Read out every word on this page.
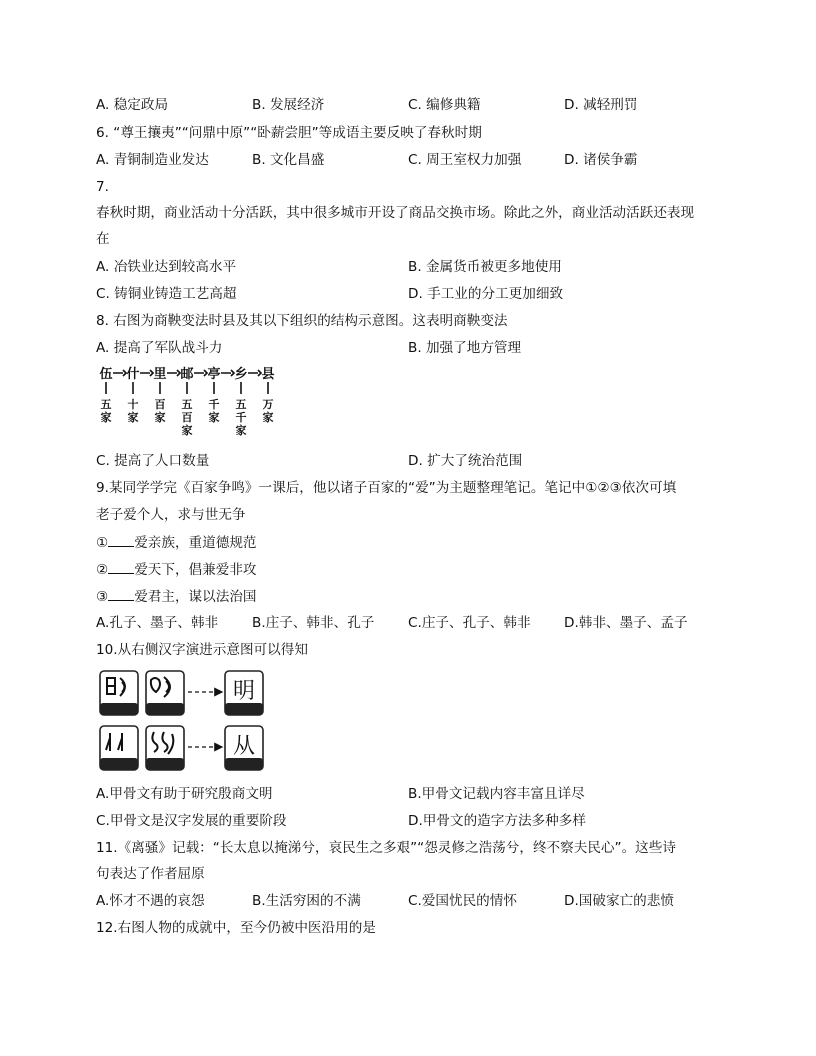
A. 稳定政局	B. 发展经济	C. 编修典籍	D. 减轻刑罚
6. “尊王攘夷”“问鼎中原”“卧薪尝胆”等成语主要反映了春秋时期
A. 青铜制造业发达	B. 文化昌盛	C. 周王室权力加强	D. 诸侯争霸
7.
春秋时期，商业活动十分活跃，其中很多城市开设了商品交换市场。除此之外，商业活动活跃还表现
在
A. 冶铁业达到较高水平	B. 金属货币被更多地使用
C. 铸铜业铸造工艺高超	D. 手工业的分工更加细致
8. 右图为商鞅变法时县及其以下组织的结构示意图。这表明商鞅变法
A. 提高了军队战斗力	B. 加强了地方管理
伍 什 里 邮 亭 乡 县
五
家
十
家
百
家
五
百
家
千
家
五
千
家
万
家
C. 提高了人口数量	D. 扩大了统治范围
9.某同学学完《百家争鸣》一课后，他以诸子百家的“爱”为主题整理笔记。笔记中①②③依次可填
老子爱个人，求与世无争
① 爱亲族，重道德规范
② 爱天下，倡兼爱非攻
③ 爱君主，谋以法治国
A.孔子、墨子、韩非 B.庄子、韩非、孔子 C.庄子、孔子、韩非 D.韩非、墨子、孟子
10.从右侧汉字演进示意图可以得知
明
从
A.甲骨文有助于研究殷商文明	B.甲骨文记载内容丰富且详尽
C.甲骨文是汉字发展的重要阶段	D.甲骨文的造字方法多种多样
11.《离骚》记载：“长太息以掩涕兮，哀民生之多艰”“怨灵修之浩荡兮，终不察夫民心”。这些诗
句表达了作者屈原
A.怀才不遇的哀怨	B.生活穷困的不满	C.爱国忧民的情怀	D.国破家亡的悲愤
12.右图人物的成就中，至今仍被中医沿用的是
